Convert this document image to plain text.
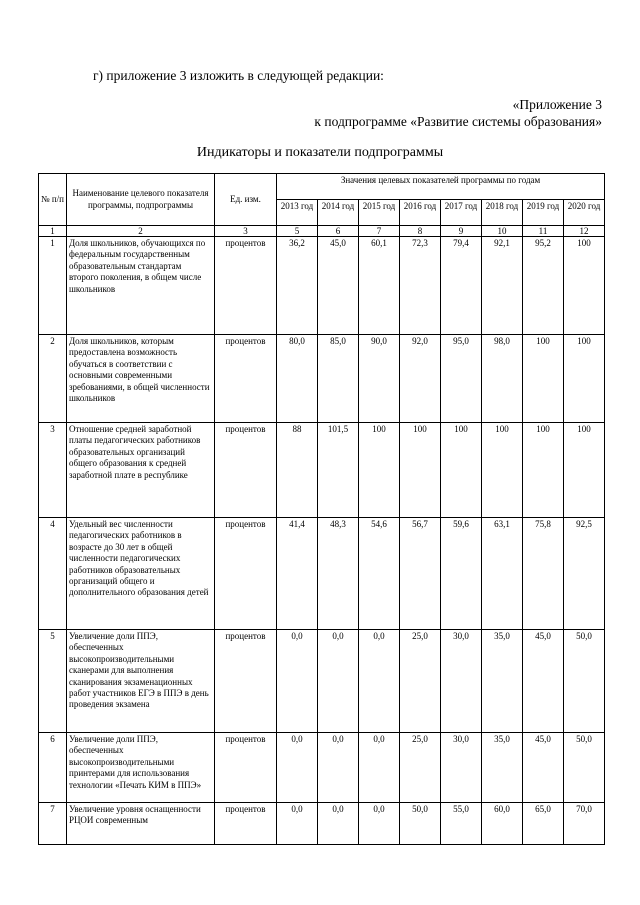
г) приложение 3 изложить в следующей редакции:
«Приложение 3
к подпрограмме «Развитие системы образования»
Индикаторы и показатели подпрограммы
№ п/п	Наименование целевого показателя программы, подпрограммы	Ед. изм.	Значения целевых показателей программы по годам							
			2013 год	2014 год	2015 год	2016 год	2017 год	2018 год	2019 год	2020 год
1	2	3	5	6	7	8	9	10	11	12
1	Доля школьников, обучающихся по федеральным государственным образовательным стандартам второго поколения, в общем числе школьников	процентов	36,2	45,0	60,1	72,3	79,4	92,1	95,2	100
2	Доля школьников, которым предоставлена возможность обучаться в соответствии с основными современными зребованиями, в общей численности школьников	процентов	80,0	85,0	90,0	92,0	95,0	98,0	100	100
3	Отношение средней заработной платы педагогических работников образовательных организаций общего образования к средней заработной плате в республике	процентов	88	101,5	100	100	100	100	100	100
4	Удельный вес численности педагогических работников в возрасте до 30 лет в общей численности педагогических работников образовательных организаций общего и дополнительного образования детей	процентов	41,4	48,3	54,6	56,7	59,6	63,1	75,8	92,5
5	Увеличение доли ППЭ, обеспеченных высокопроизводительными сканерами для выполнения сканирования экзаменационных работ участников ЕГЭ в ППЭ в день проведения экзамена	процентов	0,0	0,0	0,0	25,0	30,0	35,0	45,0	50,0
6	Увеличение доли ППЭ, обеспеченных высокопроизводительными принтерами для использования технологии «Печать КИМ в ППЭ»	процентов	0,0	0,0	0,0	25,0	30,0	35,0	45,0	50,0
7	Увеличение уровня оснащенности РЦОИ современным	процентов	0,0	0,0	0,0	50,0	55,0	60,0	65,0	70,0
